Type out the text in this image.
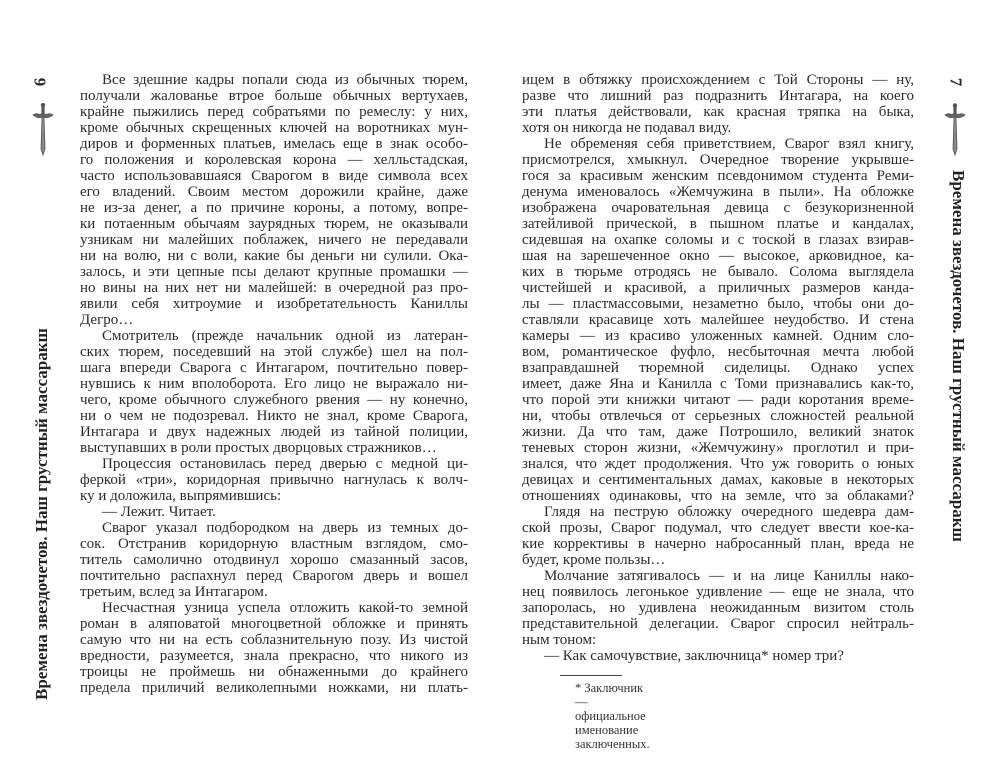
6
Времена звездочетов. Наш грустный массаракш
Все здешние кадры попали сюда из обычных тюрем,
получали жалованье втрое больше обычных вертухаев,
крайне пыжились перед собратьями по ремеслу: у них,
кроме обычных скрещенных ключей на воротниках мун-
диров и форменных платьев, имелась еще в знак особо-
го положения и королевская корона — хелльстадская,
часто использовавшаяся Сварогом в виде символа всех
его владений. Своим местом дорожили крайне, даже
не из-за денег, а по причине короны, а потому, вопре-
ки потаенным обычаям заурядных тюрем, не оказывали
узникам ни малейших поблажек, ничего не передавали
ни на волю, ни с воли, какие бы деньги ни сулили. Ока-
залось, и эти цепные псы делают крупные промашки —
но вины на них нет ни малейшей: в очередной раз про-
явили себя хитроумие и изобретательность Каниллы
Дегро…
Смотритель (прежде начальник одной из латеран-
ских тюрем, поседевший на этой службе) шел на пол-
шага впереди Сварога с Интагаром, почтительно повер-
нувшись к ним вполоборота. Его лицо не выражало ни-
чего, кроме обычного служебного рвения — ну конечно,
ни о чем не подозревал. Никто не знал, кроме Сварога,
Интагара и двух надежных людей из тайной полиции,
выступавших в роли простых дворцовых стражников…
Процессия остановилась перед дверью с медной ци-
феркой «три», коридорная привычно нагнулась к волч-
ку и доложила, выпрямившись:
— Лежит. Читает.
Сварог указал подбородком на дверь из темных до-
сок. Отстранив коридорную властным взглядом, смо-
титель самолично отодвинул хорошо смазанный засов,
почтительно распахнул перед Сварогом дверь и вошел
третьим, вслед за Интагаром.
Несчастная узница успела отложить какой-то земной
роман в аляповатой многоцветной обложке и принять
самую что ни на есть соблазнительную позу. Из чистой
вредности, разумеется, знала прекрасно, что никого из
троицы не проймешь ни обнаженными до крайнего
предела приличий великолепными ножками, ни плать-
7
Времена звездочетов. Наш грустный массаракш
ицем в обтяжку происхождением с Той Стороны — ну,
разве что лишний раз подразнить Интагара, на коего
эти платья действовали, как красная тряпка на быка,
хотя он никогда не подавал виду.
Не обременяя себя приветствием, Сварог взял книгу,
присмотрелся, хмыкнул. Очередное творение укрывше-
гося за красивым женским псевдонимом студента Реми-
денума именовалось «Жемчужина в пыли». На обложке
изображена очаровательная девица с безукоризненной
затейливой прической, в пышном платье и кандалах,
сидевшая на охапке соломы и с тоской в глазах взирав-
шая на зарешеченное окно — высокое, арковидное, ка-
ких в тюрьме отродясь не бывало. Солома выглядела
чистейшей и красивой, а приличных размеров канда-
лы — пластмассовыми, незаметно было, чтобы они до-
ставляли красавице хоть малейшее неудобство. И стена
камеры — из красиво уложенных камней. Одним сло-
вом, романтическое фуфло, несбыточная мечта любой
взаправдашней тюремной сиделицы. Однако успех
имеет, даже Яна и Канилла с Томи признавались как-то,
что порой эти книжки читают — ради коротания време-
ни, чтобы отвлечься от серьезных сложностей реальной
жизни. Да что там, даже Потрошило, великий знаток
теневых сторон жизни, «Жемчужину» проглотил и при-
знался, что ждет продолжения. Что уж говорить о юных
девицах и сентиментальных дамах, каковые в некоторых
отношениях одинаковы, что на земле, что за облаками?
Глядя на пеструю обложку очередного шедевра дам-
ской прозы, Сварог подумал, что следует ввести кое-ка-
кие коррективы в начерно набросанный план, вреда не
будет, кроме пользы…
Молчание затягивалось — и на лице Каниллы нако-
нец появилось легонькое удивление — еще не знала, что
запоролась, но удивлена неожиданным визитом столь
представительной делегации. Сварог спросил нейтраль-
ным тоном:
— Как самочувствие, заключница* номер три?
* Заключник — официальное именование заключенных.
